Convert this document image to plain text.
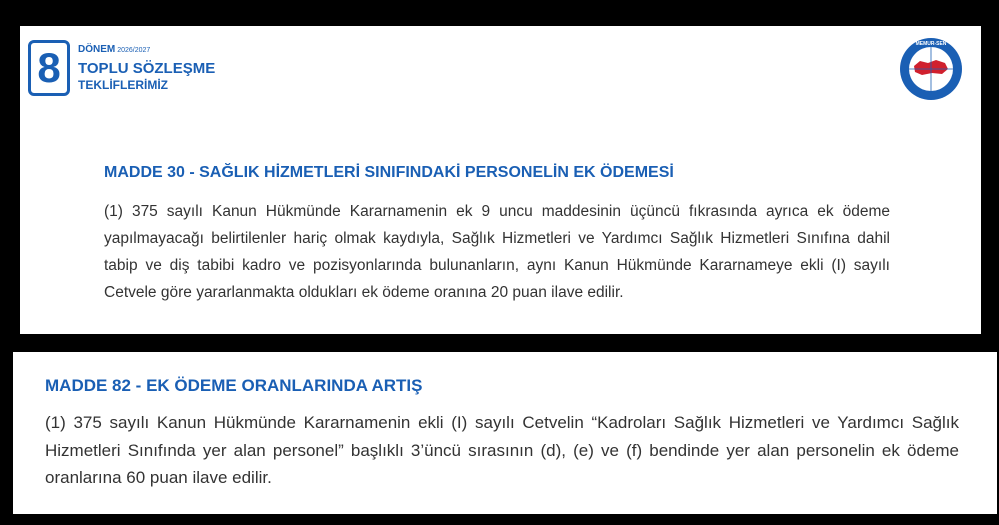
8	DÖNEM 2026/2027
TOPLU SÖZLEŞME
TEKLİFLERİMİZ
MEMUR-SEN
MADDE 30 - SAĞLIK HİZMETLERİ SINIFINDAKİ PERSONELİN EK ÖDEMESİ
(1) 375 sayılı Kanun Hükmünde Kararnamenin ek 9 uncu maddesinin üçüncü fıkrasında ayrıca ek ödeme yapılmayacağı belirtilenler hariç olmak kaydıyla, Sağlık Hizmetleri ve Yardımcı Sağlık Hizmetleri Sınıfına dahil tabip ve diş tabibi kadro ve pozisyonlarında bulunanların, aynı Kanun Hükmünde Kararnameye ekli (I) sayılı Cetvele göre yararlanmakta oldukları ek ödeme oranına 20 puan ilave edilir.
MADDE 82 - EK ÖDEME ORANLARINDA ARTIŞ
(1) 375 sayılı Kanun Hükmünde Kararnamenin ekli (I) sayılı Cetvelin “Kadroları Sağlık Hizmetleri ve Yardımcı Sağlık Hizmetleri Sınıfında yer alan personel” başlıklı 3’üncü sırasının (d), (e) ve (f) bendinde yer alan personelin ek ödeme oranlarına 60 puan ilave edilir.
